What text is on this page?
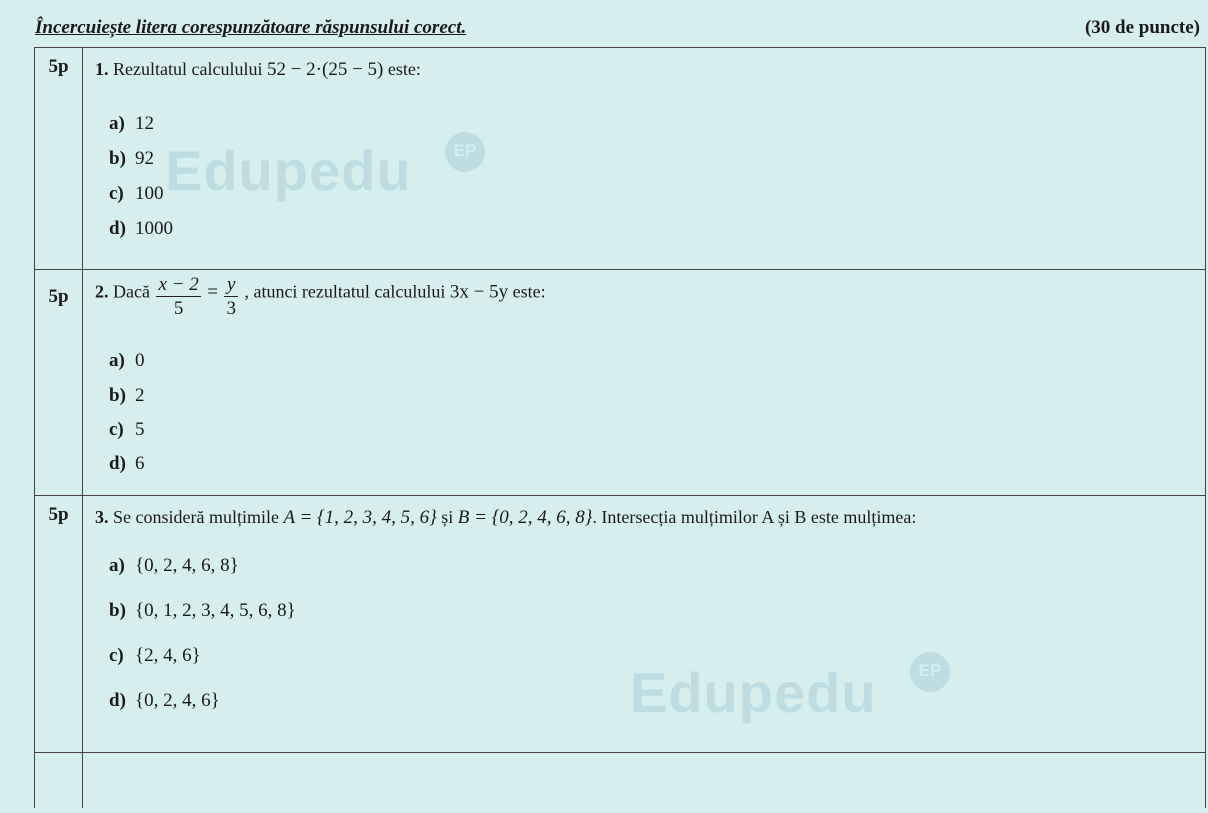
Încercuiește litera corespunzătoare răspunsului corect.	(30 de puncte)
Edupedu	EP
Edupedu	EP
5p	1. Rezultatul calculului 52 − 2·(25 − 5) este:
a) 12
b) 92
c) 100
d) 1000
5p	2. Dacă $\frac{x - 2}{5} = \frac{y}{3}$ , atunci rezultatul calculului 3x − 5y este:
a) 0
b) 2
c) 5
d) 6
5p	3. Se consideră mulțimile A = {1, 2, 3, 4, 5, 6} și B = {0, 2, 4, 6, 8}. Intersecția mulțimilor A și B este mulțimea:
a) {0, 2, 4, 6, 8}
b) {0, 1, 2, 3, 4, 5, 6, 8}
c) {2, 4, 6}
d) {0, 2, 4, 6}
